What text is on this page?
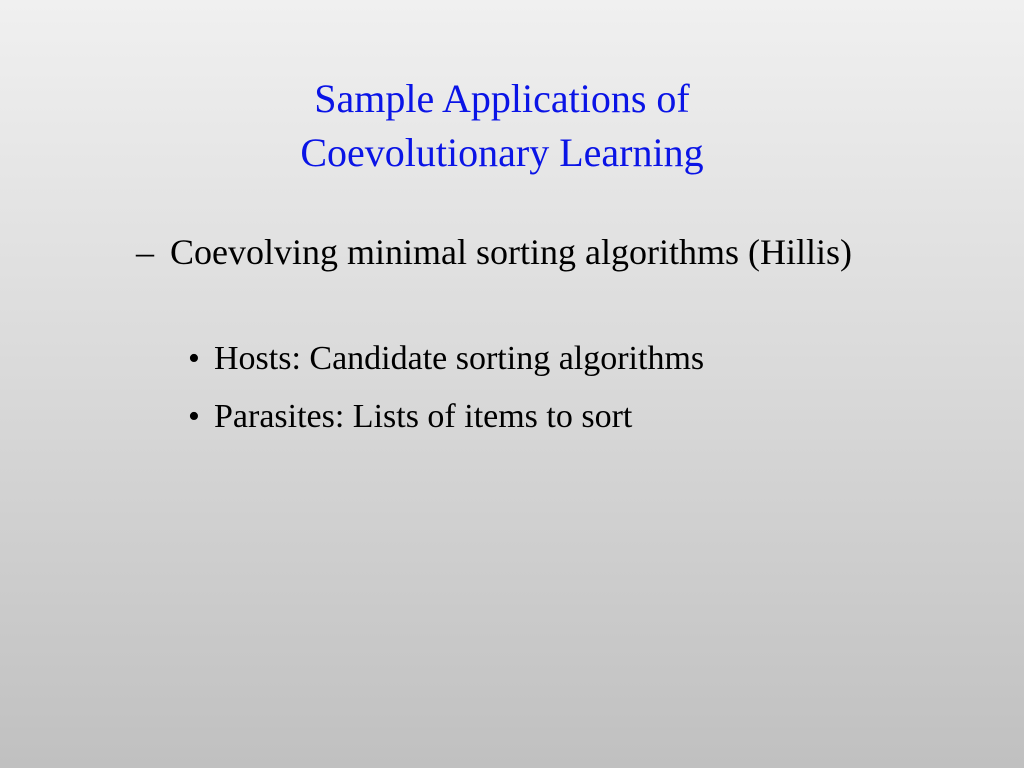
Sample Applications of
Coevolutionary Learning
– Coevolving minimal sorting algorithms (Hillis)
• Hosts: Candidate sorting algorithms
• Parasites: Lists of items to sort
